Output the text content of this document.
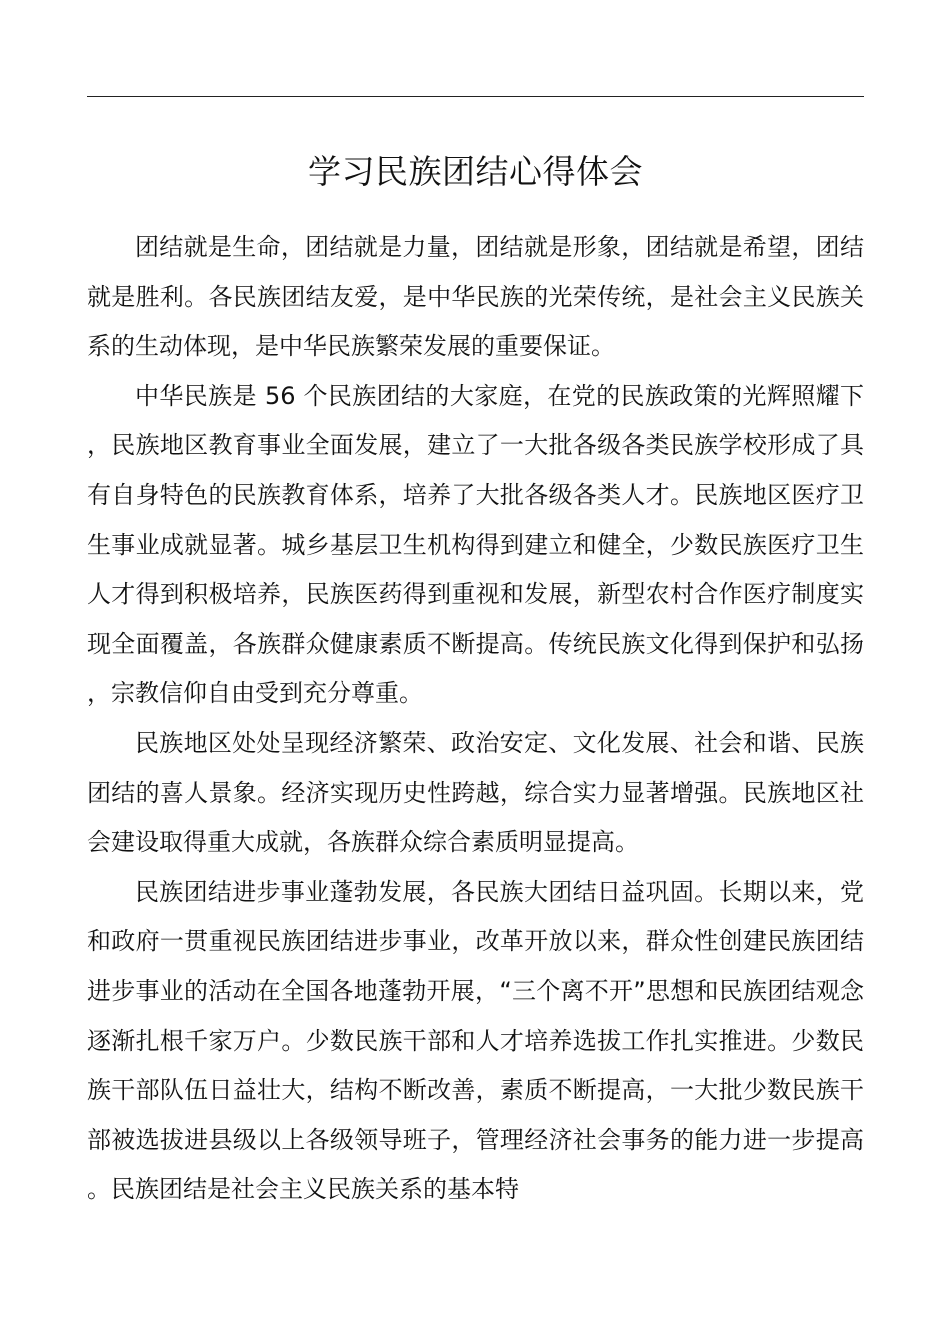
学习民族团结心得体会

团结就是生命，团结就是力量，团结就是形象，团结就是希望，团结就是胜利。各民族团结友爱，是中华民族的光荣传统，是社会主义民族关系的生动体现，是中华民族繁荣发展的重要保证。

中华民族是 56 个民族团结的大家庭，在党的民族政策的光辉照耀下，民族地区教育事业全面发展，建立了一大批各级各类民族学校形成了具有自身特色的民族教育体系，培养了大批各级各类人才。民族地区医疗卫生事业成就显著。城乡基层卫生机构得到建立和健全，少数民族医疗卫生人才得到积极培养，民族医药得到重视和发展，新型农村合作医疗制度实现全面覆盖，各族群众健康素质不断提高。传统民族文化得到保护和弘扬，宗教信仰自由受到充分尊重。

民族地区处处呈现经济繁荣、政治安定、文化发展、社会和谐、民族团结的喜人景象。经济实现历史性跨越，综合实力显著增强。民族地区社会建设取得重大成就，各族群众综合素质明显提高。

民族团结进步事业蓬勃发展，各民族大团结日益巩固。长期以来，党和政府一贯重视民族团结进步事业，改革开放以来，群众性创建民族团结进步事业的活动在全国各地蓬勃开展，“三个离不开”思想和民族团结观念逐渐扎根千家万户。少数民族干部和人才培养选拔工作扎实推进。少数民族干部队伍日益壮大，结构不断改善，素质不断提高，一大批少数民族干部被选拔进县级以上各级领导班子，管理经济社会事务的能力进一步提高。民族团结是社会主义民族关系的基本特
